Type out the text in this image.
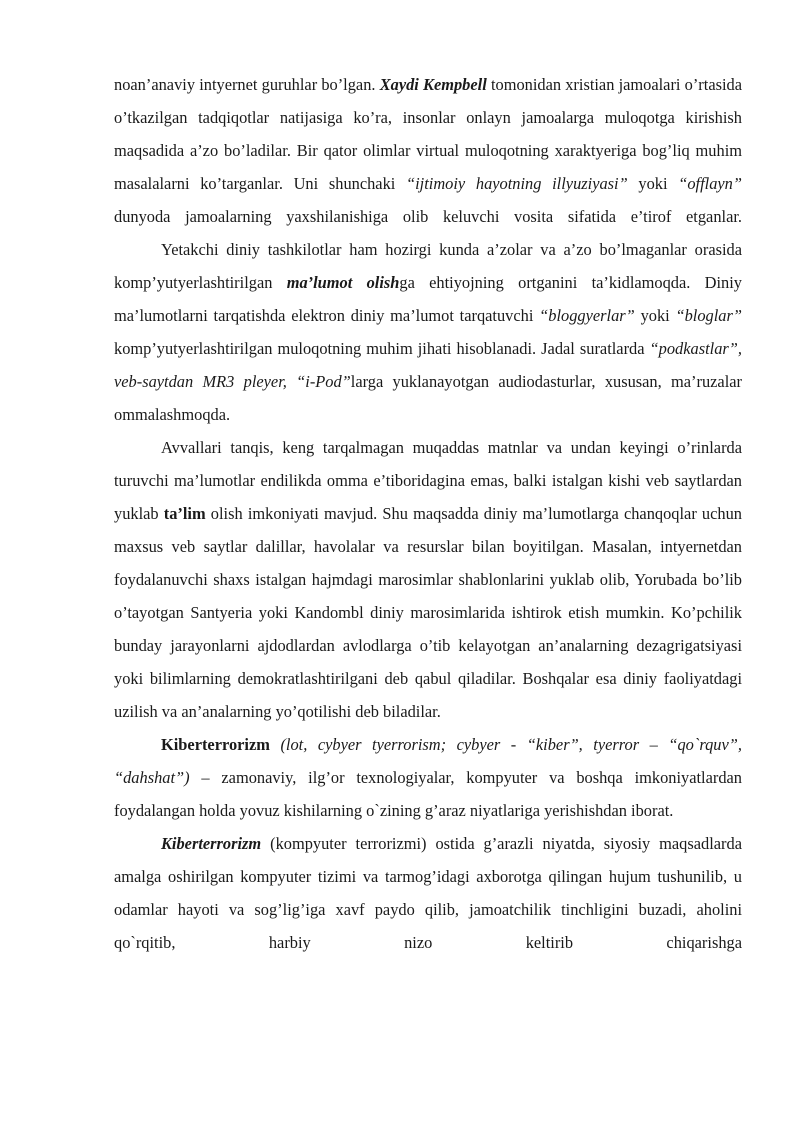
noan’anaviy intyernet guruhlar bo’lgan. Xaydi Kempbell tomonidan xristian jamoalari o’rtasida o’tkazilgan tadqiqotlar natijasiga ko’ra, insonlar onlayn jamoalarga muloqotga kirishish maqsadida a’zo bo’ladilar. Bir qator olimlar virtual muloqotning xaraktyeriga bog’liq muhim masalalarni ko’targanlar. Uni shunchaki “ijtimoiy hayotning illyuziyasi” yoki “offlayn” dunyoda jamoalarning yaxshilanishiga olib keluvchi vosita sifatida e’tirof etganlar.

Yetakchi diniy tashkilotlar ham hozirgi kunda a’zolar va a’zo bo’lmaganlar orasida komp’yutyerlashtirilgan ma’lumot olishga ehtiyojning ortganini ta’kidlamoqda. Diniy ma’lumotlarni tarqatishda elektron diniy ma’lumot tarqatuvchi “bloggyerlar” yoki “bloglar” komp’yutyerlashtirilgan muloqotning muhim jihati hisoblanadi. Jadal suratlarda “podkastlar”, veb-saytdan MR3 pleyer, “i-Pod”larga yuklanayotgan audiodasturlar, xususan, ma’ruzalar ommalashmoqda.

Avvallari tanqis, keng tarqalmagan muqaddas matnlar va undan keyingi o’rinlarda turuvchi ma’lumotlar endilikda omma e’tiboridagina emas, balki istalgan kishi veb saytlardan yuklab ta’lim olish imkoniyati mavjud. Shu maqsadda diniy ma’lumotlarga chanqoqlar uchun maxsus veb saytlar dalillar, havolalar va resurslar bilan boyitilgan. Masalan, intyernetdan foydalanuvchi shaxs istalgan hajmdagi marosimlar shablonlarini yuklab olib, Yorubada bo’lib o’tayotgan Santyeria yoki Kandombl diniy marosimlarida ishtirok etish mumkin. Ko’pchilik bunday jarayonlarni ajdodlardan avlodlarga o’tib kelayotgan an’analarning dezagrigatsiyasi yoki bilimlarning demokratlashtirilgani deb qabul qiladilar. Boshqalar esa diniy faoliyatdagi uzilish va an’analarning yo’qotilishi deb biladilar.

Kiberterrorizm (lot, cybyer tyerrorism; cybyer - “kiber”, tyerror – “qo`rquv”, “dahshat”) – zamonaviy, ilg’or texnologiyalar, kompyuter va boshqa imkoniyatlardan foydalangan holda yovuz kishilarning o`zining g’araz niyatlariga yerishishdan iborat.

Kiberterrorizm (kompyuter terrorizmi) ostida g’arazli niyatda, siyosiy maqsadlarda amalga oshirilgan kompyuter tizimi va tarmog’idagi axborotga qilingan hujum tushunilib, u odamlar hayoti va sog’lig’iga xavf paydo qilib, jamoatchilik tinchligini buzadi, aholini qo`rqitib, harbiy nizo keltirib chiqarishga
